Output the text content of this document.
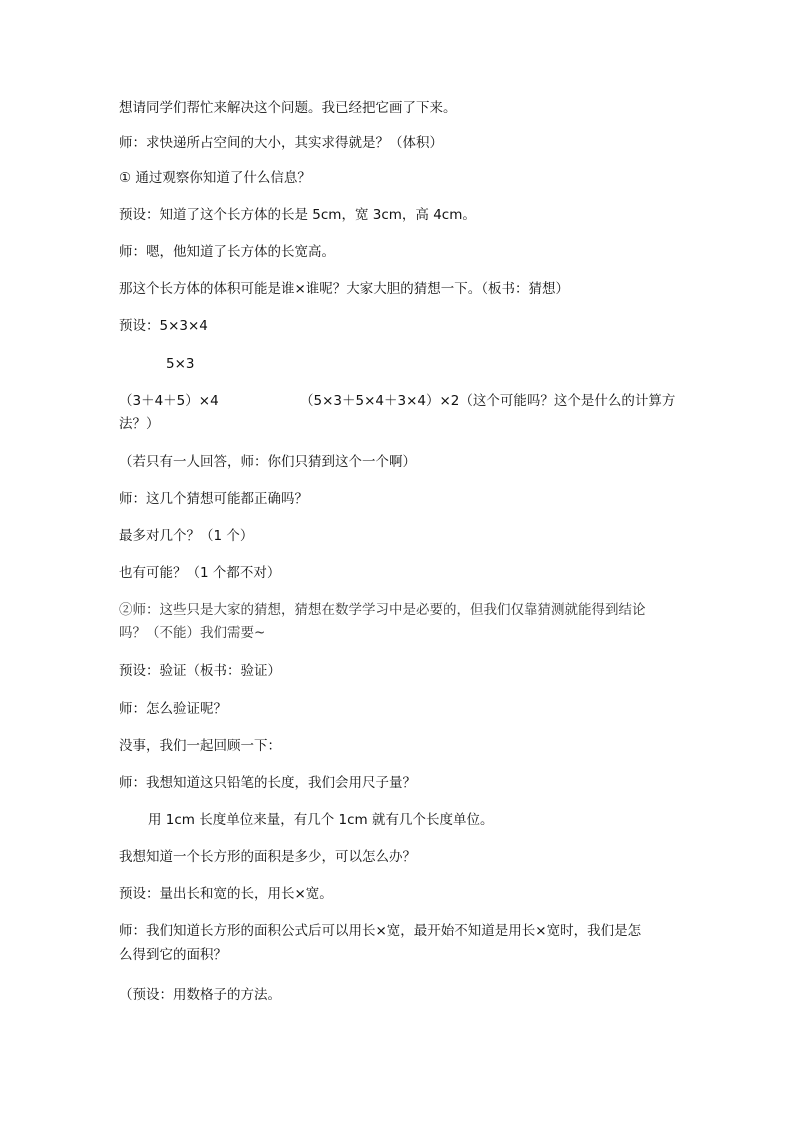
想请同学们帮忙来解决这个问题。我已经把它画了下来。
师：求快递所占空间的大小，其实求得就是？（体积）
① 通过观察你知道了什么信息？
预设：知道了这个长方体的长是 5cm，宽 3cm，高 4cm。
师：嗯，他知道了长方体的长宽高。
那这个长方体的体积可能是谁×谁呢？大家大胆的猜想一下。（板书：猜想）
预设：5×3×4
5×3
（3＋4＋5）×4	（5×3＋5×4＋3×4）×2（这个可能吗？这个是什么的计算方
法？）
（若只有一人回答，师：你们只猜到这个一个啊）
师：这几个猜想可能都正确吗？
最多对几个？（1 个）
也有可能？（1 个都不对）
②师：这些只是大家的猜想，猜想在数学学习中是必要的，但我们仅靠猜测就能得到结论
吗？（不能）我们需要~
预设：验证（板书：验证）
师：怎么验证呢？
没事，我们一起回顾一下：
师：我想知道这只铅笔的长度，我们会用尺子量？
用 1cm 长度单位来量，有几个 1cm 就有几个长度单位。
我想知道一个长方形的面积是多少，可以怎么办？
预设：量出长和宽的长，用长×宽。
师：我们知道长方形的面积公式后可以用长×宽，最开始不知道是用长×宽时，我们是怎
么得到它的面积？
（预设：用数格子的方法。
